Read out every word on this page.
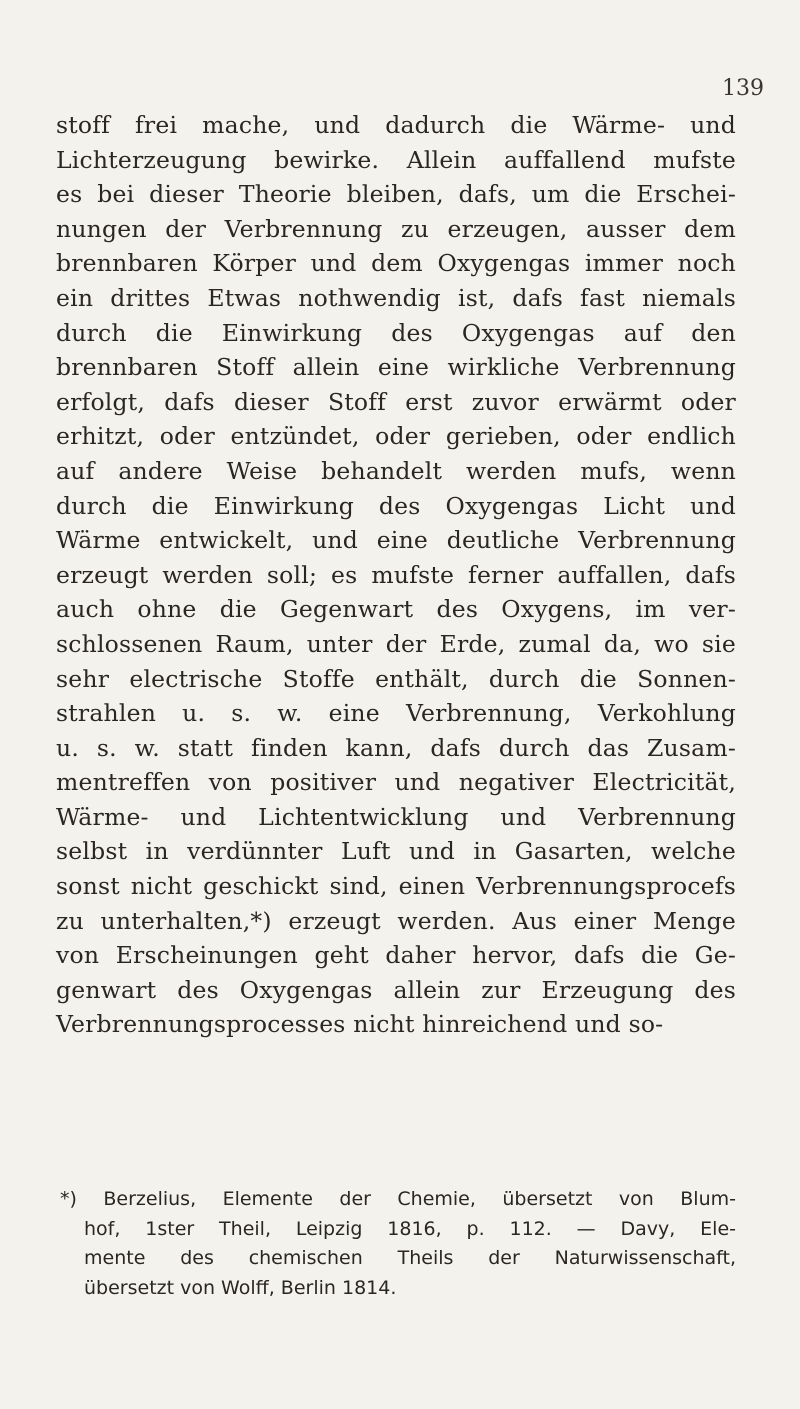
139
stoff frei mache, und dadurch die Wärme- und
Lichterzeugung bewirke. Allein auffallend mufste
es bei dieser Theorie bleiben, dafs, um die Erschei-
nungen der Verbrennung zu erzeugen, ausser dem
brennbaren Körper und dem Oxygengas immer noch
ein drittes Etwas nothwendig ist, dafs fast niemals
durch die Einwirkung des Oxygengas auf den
brennbaren Stoff allein eine wirkliche Verbrennung
erfolgt, dafs dieser Stoff erst zuvor erwärmt oder
erhitzt, oder entzündet, oder gerieben, oder endlich
auf andere Weise behandelt werden mufs, wenn
durch die Einwirkung des Oxygengas Licht und
Wärme entwickelt, und eine deutliche Verbrennung
erzeugt werden soll; es mufste ferner auffallen, dafs
auch ohne die Gegenwart des Oxygens, im ver-
schlossenen Raum, unter der Erde, zumal da, wo sie
sehr electrische Stoffe enthält, durch die Sonnen-
strahlen u. s. w. eine Verbrennung, Verkohlung
u. s. w. statt finden kann, dafs durch das Zusam-
mentreffen von positiver und negativer Electricität,
Wärme- und Lichtentwicklung und Verbrennung
selbst in verdünnter Luft und in Gasarten, welche
sonst nicht geschickt sind, einen Verbrennungsprocefs
zu unterhalten,*) erzeugt werden. Aus einer Menge
von Erscheinungen geht daher hervor, dafs die Ge-
genwart des Oxygengas allein zur Erzeugung des
Verbrennungsprocesses nicht hinreichend und so-
*) Berzelius, Elemente der Chemie, übersetzt von Blum-
hof, 1ster Theil, Leipzig 1816, p. 112. — Davy, Ele-
mente des chemischen Theils der Naturwissenschaft,
übersetzt von Wolff, Berlin 1814.
